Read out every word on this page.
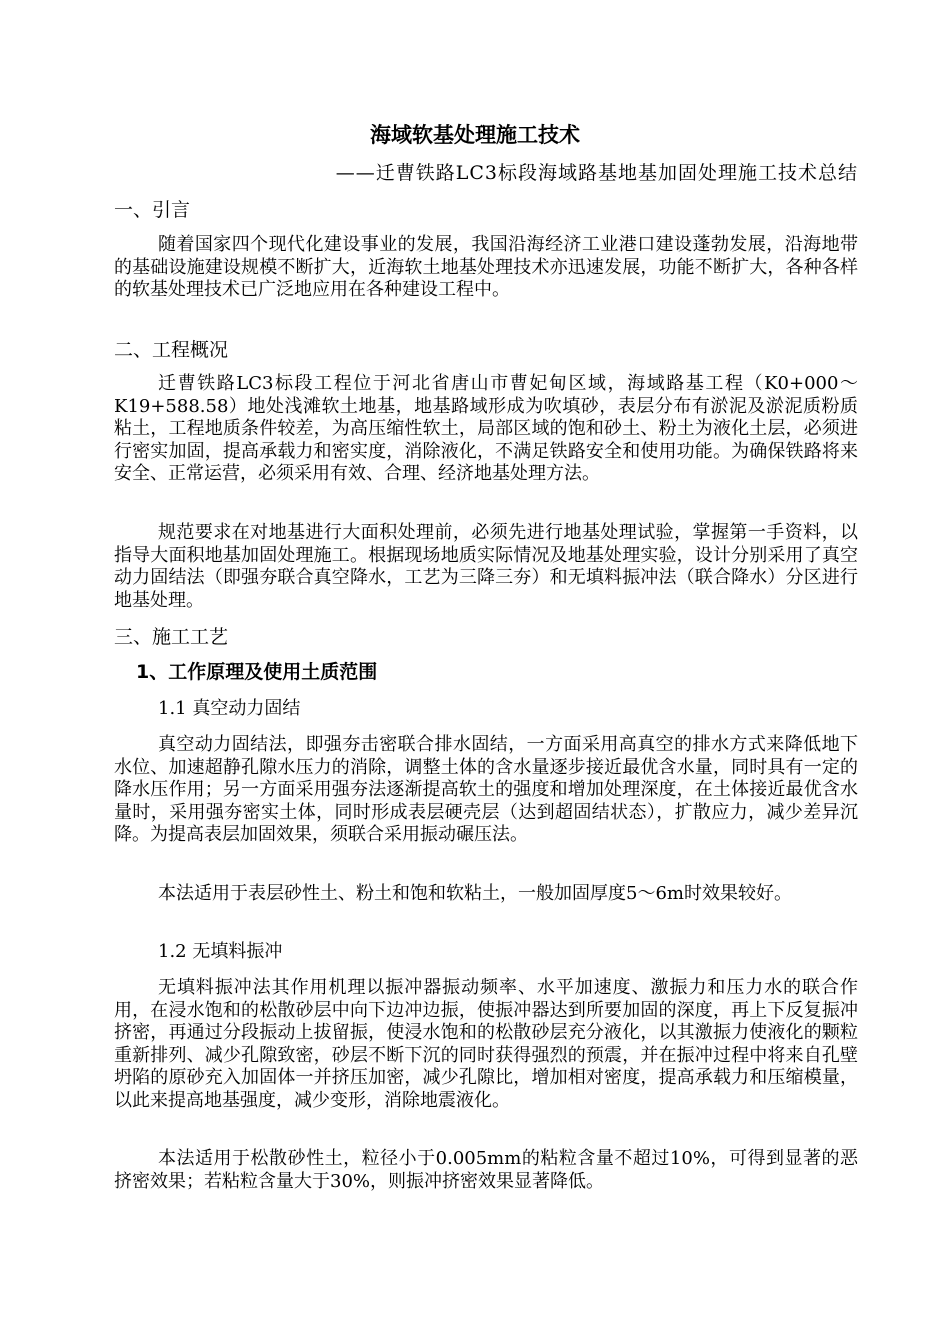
海域软基处理施工技术
——迁曹铁路LC3标段海域路基地基加固处理施工技术总结
一、引言

随着国家四个现代化建设事业的发展，我国沿海经济工业港口建设蓬勃发展，沿海地带的基础设施建设规模不断扩大，近海软土地基处理技术亦迅速发展，功能不断扩大，各种各样的软基处理技术已广泛地应用在各种建设工程中。

二、工程概况

迁曹铁路LC3标段工程位于河北省唐山市曹妃甸区域，海域路基工程（K0+000～K19+588.58）地处浅滩软土地基，地基路域形成为吹填砂，表层分布有淤泥及淤泥质粉质粘土，工程地质条件较差，为高压缩性软土，局部区域的饱和砂土、粉土为液化土层，必须进行密实加固，提高承载力和密实度，消除液化，不满足铁路安全和使用功能。为确保铁路将来安全、正常运营，必须采用有效、合理、经济地基处理方法。

规范要求在对地基进行大面积处理前，必须先进行地基处理试验，掌握第一手资料，以指导大面积地基加固处理施工。根据现场地质实际情况及地基处理实验，设计分别采用了真空动力固结法（即强夯联合真空降水，工艺为三降三夯）和无填料振冲法（联合降水）分区进行地基处理。

三、施工工艺
1、工作原理及使用土质范围
1.1 真空动力固结

真空动力固结法，即强夯击密联合排水固结，一方面采用高真空的排水方式来降低地下水位、加速超静孔隙水压力的消除，调整土体的含水量逐步接近最优含水量，同时具有一定的降水压作用；另一方面采用强夯法逐渐提高软土的强度和增加处理深度，在土体接近最优含水量时，采用强夯密实土体，同时形成表层硬壳层（达到超固结状态），扩散应力，减少差异沉降。为提高表层加固效果，须联合采用振动碾压法。

本法适用于表层砂性土、粉土和饱和软粘土，一般加固厚度5～6m时效果较好。

1.2 无填料振冲

无填料振冲法其作用机理以振冲器振动频率、水平加速度、激振力和压力水的联合作用，在浸水饱和的松散砂层中向下边冲边振，使振冲器达到所要加固的深度，再上下反复振冲挤密，再通过分段振动上拔留振，使浸水饱和的松散砂层充分液化，以其激振力使液化的颗粒重新排列、减少孔隙致密，砂层不断下沉的同时获得强烈的预震，并在振冲过程中将来自孔壁坍陷的原砂充入加固体一并挤压加密，减少孔隙比，增加相对密度，提高承载力和压缩模量，以此来提高地基强度，减少变形，消除地震液化。

本法适用于松散砂性土，粒径小于0.005mm的粘粒含量不超过10%，可得到显著的恶挤密效果；若粘粒含量大于30%，则振冲挤密效果显著降低。
